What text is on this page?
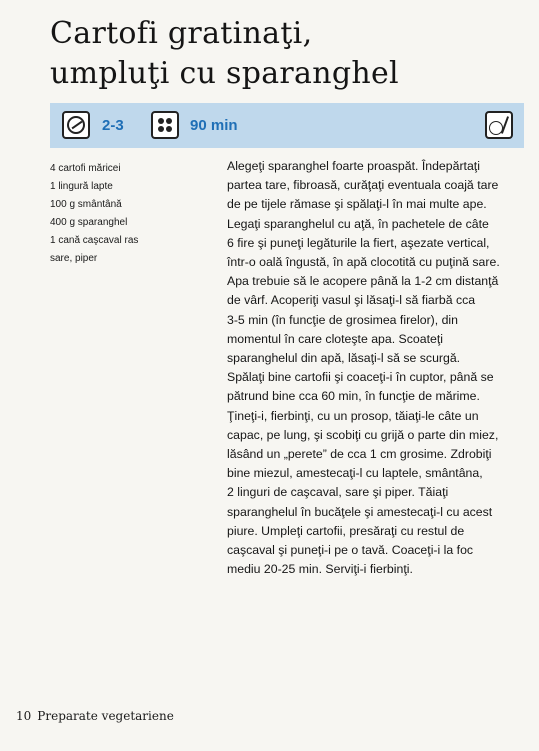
Cartofi gratinaţi,
umpluţi cu sparanghel
2-3	90 min
4 cartofi măricei
1 lingură lapte
100 g smântână
400 g sparanghel
1 cană caşcaval ras
sare, piper
Alegeţi sparanghel foarte proaspăt. Îndepărtaţi
partea tare, fibroasă, curăţaţi eventuala coajă tare
de pe tijele rămase şi spălaţi-l în mai multe ape.
Legaţi sparanghelul cu aţă, în pachetele de câte
6 fire şi puneţi legăturile la fiert, aşezate vertical,
într-o oală îngustă, în apă clocotită cu puţină sare.
Apa trebuie să le acopere până la 1-2 cm distanţă
de vârf. Acoperiţi vasul şi lăsaţi-l să fiarbă cca
3-5 min (în funcţie de grosimea firelor), din
momentul în care cloteşte apa. Scoateţi
sparanghelul din apă, lăsaţi-l să se scurgă.
Spălaţi bine cartofii şi coaceţi-i în cuptor, până se
pătrund bine cca 60 min, în funcţie de mărime.
Ţineţi-i, fierbinţi, cu un prosop, tăiaţi-le câte un
capac, pe lung, şi scobiţi cu grijă o parte din miez,
lăsând un „perete” de cca 1 cm grosime. Zdrobiţi
bine miezul, amestecaţi-l cu laptele, smântâna,
2 linguri de caşcaval, sare şi piper. Tăiaţi
sparanghelul în bucăţele şi amestecaţi-l cu acest
piure. Umpleţi cartofii, presăraţi cu restul de
caşcaval şi puneţi-i pe o tavă. Coaceţi-i la foc
mediu 20-25 min. Serviţi-i fierbinţi.
10 Preparate vegetariene
